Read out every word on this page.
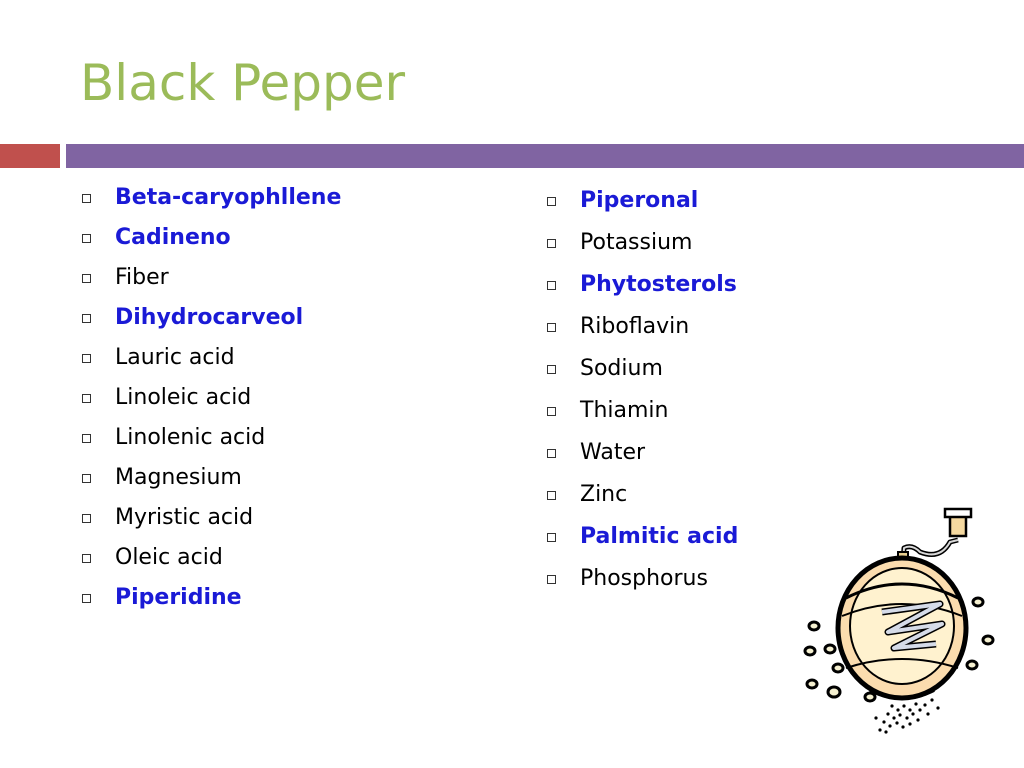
Black Pepper
Beta-caryophllene
Cadineno
Fiber
Dihydrocarveol
Lauric acid
Linoleic acid
Linolenic acid
Magnesium
Myristic acid
Oleic acid
Piperidine
Piperonal
Potassium
Phytosterols
Riboflavin
Sodium
Thiamin
Water
Zinc
Palmitic acid
Phosphorus
